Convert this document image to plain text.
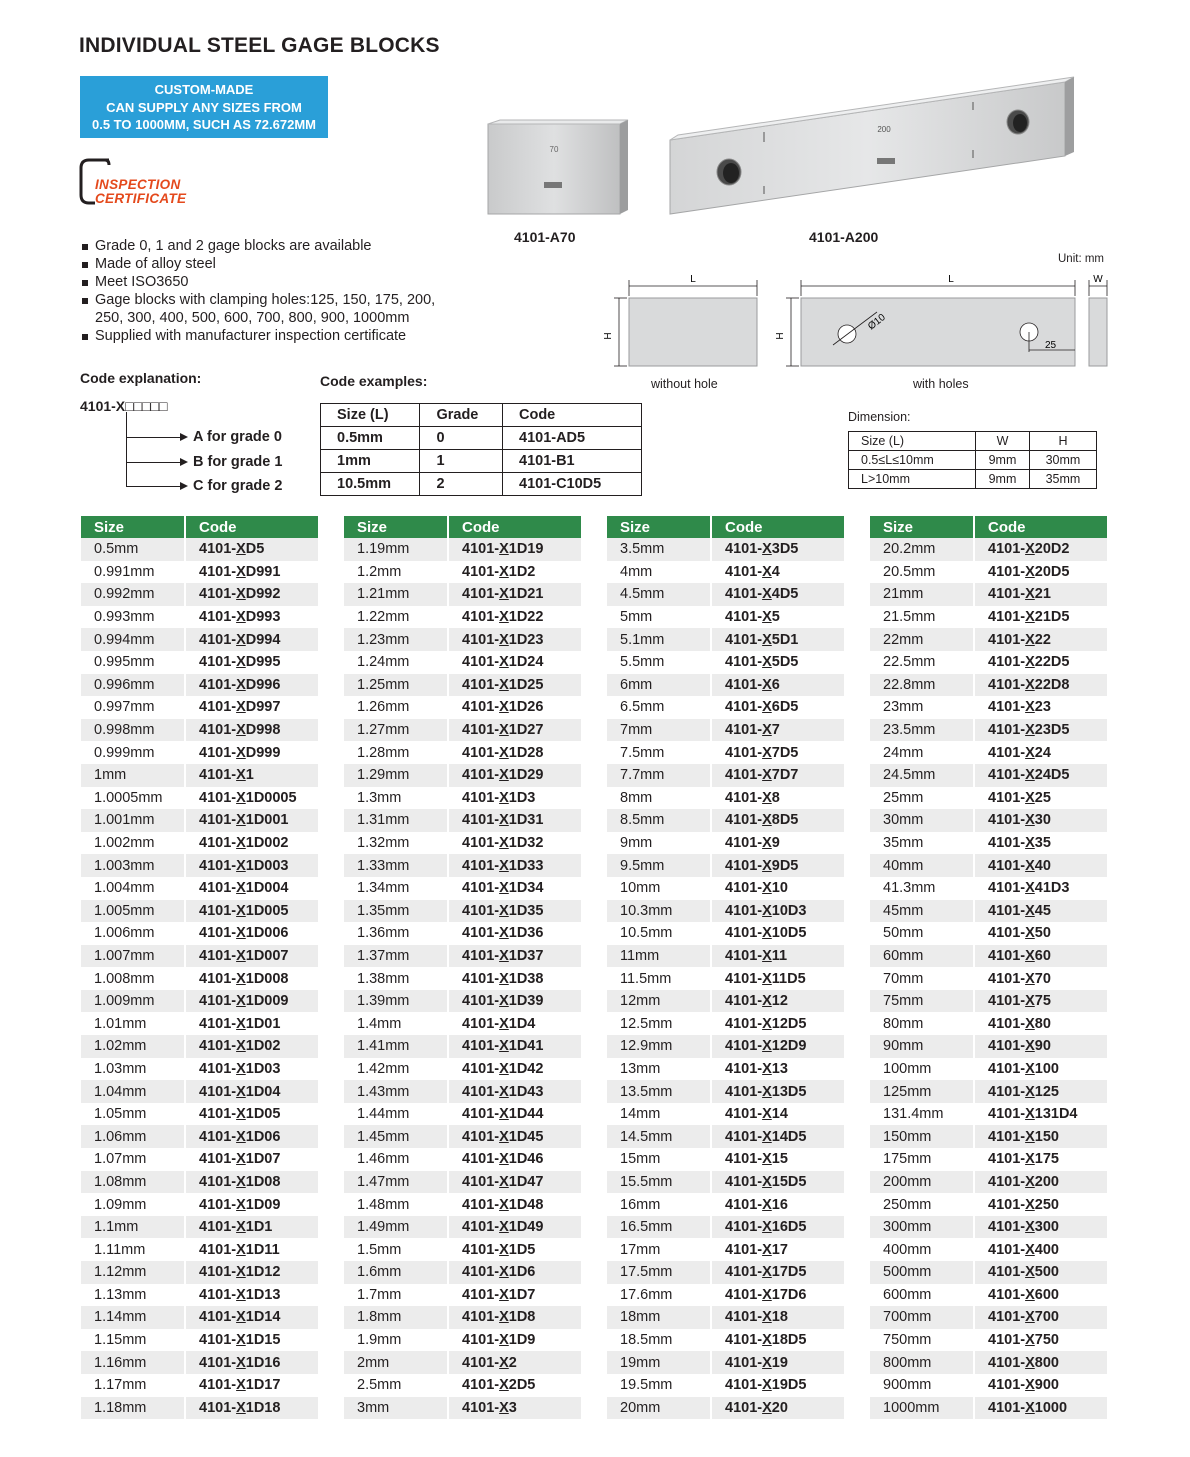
INDIVIDUAL STEEL GAGE BLOCKS
CUSTOM-MADE
CAN SUPPLY ANY SIZES FROM
0.5 TO 1000MM, SUCH AS 72.672MM
INSPECTION
CERTIFICATE
70
200
4101-A70	4101-A200
Grade 0, 1 and 2 gage blocks are available
Made of alloy steel
Meet ISO3650
Gage blocks with clamping holes:125, 150, 175, 200,
250, 300, 400, 500, 600, 700, 800, 900, 1000mm
Supplied with manufacturer inspection certificate
Unit: mm
L
H
L
H
Ø10
25
W
without hole	with holes
Code explanation:
4101-X□□□□□
A for grade 0
B for grade 1
C for grade 2
Code examples:
Size (L)	Grade	Code
0.5mm	0	4101-AD5
1mm	1	4101-B1
10.5mm	2	4101-C10D5
Dimension:
Size (L)	W	H
0.5≤L≤10mm	9mm	30mm
L>10mm	9mm	35mm
Size	Code
0.5mm	4101-XD5
0.991mm	4101-XD991
0.992mm	4101-XD992
0.993mm	4101-XD993
0.994mm	4101-XD994
0.995mm	4101-XD995
0.996mm	4101-XD996
0.997mm	4101-XD997
0.998mm	4101-XD998
0.999mm	4101-XD999
1mm	4101-X1
1.0005mm	4101-X1D0005
1.001mm	4101-X1D001
1.002mm	4101-X1D002
1.003mm	4101-X1D003
1.004mm	4101-X1D004
1.005mm	4101-X1D005
1.006mm	4101-X1D006
1.007mm	4101-X1D007
1.008mm	4101-X1D008
1.009mm	4101-X1D009
1.01mm	4101-X1D01
1.02mm	4101-X1D02
1.03mm	4101-X1D03
1.04mm	4101-X1D04
1.05mm	4101-X1D05
1.06mm	4101-X1D06
1.07mm	4101-X1D07
1.08mm	4101-X1D08
1.09mm	4101-X1D09
1.1mm	4101-X1D1
1.11mm	4101-X1D11
1.12mm	4101-X1D12
1.13mm	4101-X1D13
1.14mm	4101-X1D14
1.15mm	4101-X1D15
1.16mm	4101-X1D16
1.17mm	4101-X1D17
1.18mm	4101-X1D18
Size	Code
1.19mm	4101-X1D19
1.2mm	4101-X1D2
1.21mm	4101-X1D21
1.22mm	4101-X1D22
1.23mm	4101-X1D23
1.24mm	4101-X1D24
1.25mm	4101-X1D25
1.26mm	4101-X1D26
1.27mm	4101-X1D27
1.28mm	4101-X1D28
1.29mm	4101-X1D29
1.3mm	4101-X1D3
1.31mm	4101-X1D31
1.32mm	4101-X1D32
1.33mm	4101-X1D33
1.34mm	4101-X1D34
1.35mm	4101-X1D35
1.36mm	4101-X1D36
1.37mm	4101-X1D37
1.38mm	4101-X1D38
1.39mm	4101-X1D39
1.4mm	4101-X1D4
1.41mm	4101-X1D41
1.42mm	4101-X1D42
1.43mm	4101-X1D43
1.44mm	4101-X1D44
1.45mm	4101-X1D45
1.46mm	4101-X1D46
1.47mm	4101-X1D47
1.48mm	4101-X1D48
1.49mm	4101-X1D49
1.5mm	4101-X1D5
1.6mm	4101-X1D6
1.7mm	4101-X1D7
1.8mm	4101-X1D8
1.9mm	4101-X1D9
2mm	4101-X2
2.5mm	4101-X2D5
3mm	4101-X3
Size	Code
3.5mm	4101-X3D5
4mm	4101-X4
4.5mm	4101-X4D5
5mm	4101-X5
5.1mm	4101-X5D1
5.5mm	4101-X5D5
6mm	4101-X6
6.5mm	4101-X6D5
7mm	4101-X7
7.5mm	4101-X7D5
7.7mm	4101-X7D7
8mm	4101-X8
8.5mm	4101-X8D5
9mm	4101-X9
9.5mm	4101-X9D5
10mm	4101-X10
10.3mm	4101-X10D3
10.5mm	4101-X10D5
11mm	4101-X11
11.5mm	4101-X11D5
12mm	4101-X12
12.5mm	4101-X12D5
12.9mm	4101-X12D9
13mm	4101-X13
13.5mm	4101-X13D5
14mm	4101-X14
14.5mm	4101-X14D5
15mm	4101-X15
15.5mm	4101-X15D5
16mm	4101-X16
16.5mm	4101-X16D5
17mm	4101-X17
17.5mm	4101-X17D5
17.6mm	4101-X17D6
18mm	4101-X18
18.5mm	4101-X18D5
19mm	4101-X19
19.5mm	4101-X19D5
20mm	4101-X20
Size	Code
20.2mm	4101-X20D2
20.5mm	4101-X20D5
21mm	4101-X21
21.5mm	4101-X21D5
22mm	4101-X22
22.5mm	4101-X22D5
22.8mm	4101-X22D8
23mm	4101-X23
23.5mm	4101-X23D5
24mm	4101-X24
24.5mm	4101-X24D5
25mm	4101-X25
30mm	4101-X30
35mm	4101-X35
40mm	4101-X40
41.3mm	4101-X41D3
45mm	4101-X45
50mm	4101-X50
60mm	4101-X60
70mm	4101-X70
75mm	4101-X75
80mm	4101-X80
90mm	4101-X90
100mm	4101-X100
125mm	4101-X125
131.4mm	4101-X131D4
150mm	4101-X150
175mm	4101-X175
200mm	4101-X200
250mm	4101-X250
300mm	4101-X300
400mm	4101-X400
500mm	4101-X500
600mm	4101-X600
700mm	4101-X700
750mm	4101-X750
800mm	4101-X800
900mm	4101-X900
1000mm	4101-X1000
